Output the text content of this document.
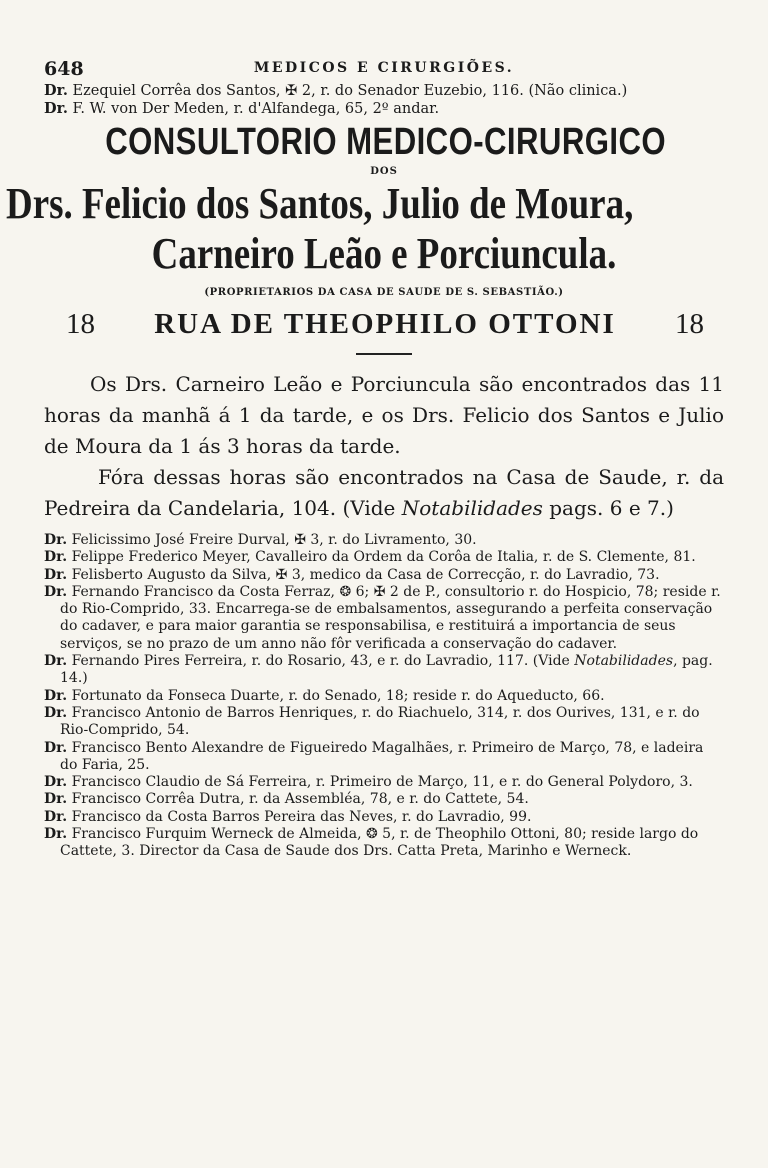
648	MEDICOS E CIRURGIÕES.

Dr. Ezequiel Corrêa dos Santos, ✠ 2, r. do Senador Euzebio, 116. (Não clinica.)

Dr. F. W. von Der Meden, r. d'Alfandega, 65, 2º andar.

CONSULTORIO MEDICO-CIRURGICO
DOS
Drs. Felicio dos Santos, Julio de Moura,
Carneiro Leão e Porciuncula.
(PROPRIETARIOS DA CASA DE SAUDE DE S. SEBASTIÃO.)
18 RUA DE THEOPHILO OTTONI 18

Os Drs. Carneiro Leão e Porciuncula são encontrados das 11 horas da manhã á 1 da tarde, e os Drs. Felicio dos Santos e Julio de Moura da 1 ás 3 horas da tarde.

Fóra dessas horas são encontrados na Casa de Saude, r. da Pedreira da Candelaria, 104. (Vide Notabilidades pags. 6 e 7.)

Dr. Felicissimo José Freire Durval, ✠ 3, r. do Livramento, 30.

Dr. Felippe Frederico Meyer, Cavalleiro da Ordem da Corôa de Italia, r. de S. Clemente, 81.

Dr. Felisberto Augusto da Silva, ✠ 3, medico da Casa de Correcção, r. do Lavradio, 73.

Dr. Fernando Francisco da Costa Ferraz, ❂ 6; ✠ 2 de P., consultorio r. do Hospicio, 78; reside r. do Rio-Comprido, 33. Encarrega-se de embalsamentos, assegurando a perfeita conservação do cadaver, e para maior garantia se responsabilisa, e restituirá a importancia de seus serviços, se no prazo de um anno não fôr verificada a conservação do cadaver.

Dr. Fernando Pires Ferreira, r. do Rosario, 43, e r. do Lavradio, 117. (Vide Notabilidades, pag. 14.)

Dr. Fortunato da Fonseca Duarte, r. do Senado, 18; reside r. do Aqueducto, 66.

Dr. Francisco Antonio de Barros Henriques, r. do Riachuelo, 314, r. dos Ourives, 131, e r. do Rio-Comprido, 54.

Dr. Francisco Bento Alexandre de Figueiredo Magalhães, r. Primeiro de Março, 78, e ladeira do Faria, 25.

Dr. Francisco Claudio de Sá Ferreira, r. Primeiro de Março, 11, e r. do General Polydoro, 3.

Dr. Francisco Corrêa Dutra, r. da Assembléa, 78, e r. do Cattete, 54.

Dr. Francisco da Costa Barros Pereira das Neves, r. do Lavradio, 99.

Dr. Francisco Furquim Werneck de Almeida, ❂ 5, r. de Theophilo Ottoni, 80; reside largo do Cattete, 3. Director da Casa de Saude dos Drs. Catta Preta, Marinho e Werneck.
